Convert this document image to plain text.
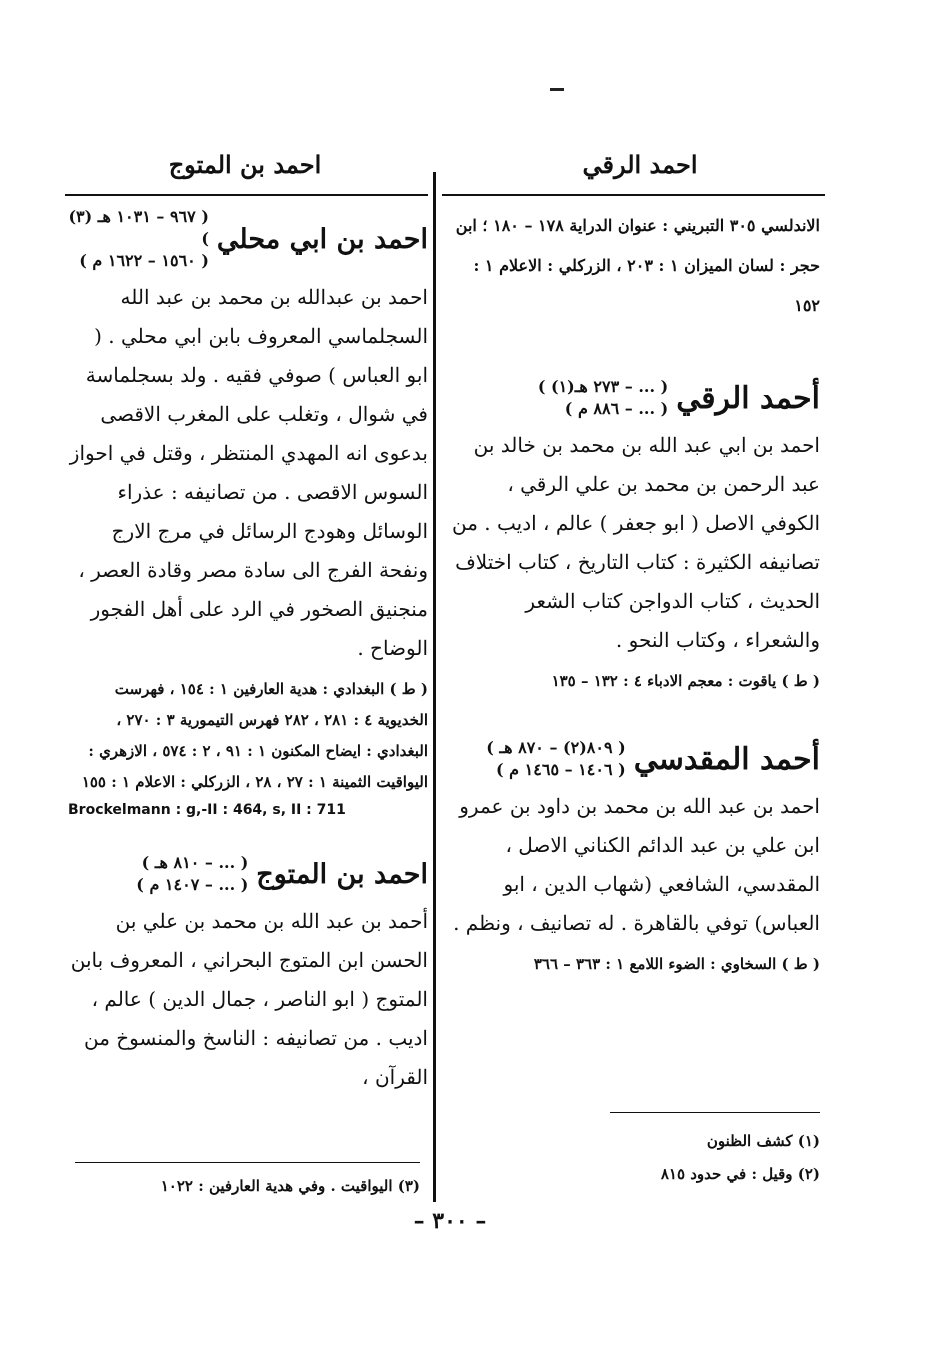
احمد بن المتوج	احمد الرقي

الاندلسي ٣٠٥ التبريني : عنوان الدراية ١٧٨ – ١٨٠ ؛ ابن حجر : لسان الميزان ١ : ٢٠٣ ، الزركلي : الاعلام ١ : ١٥٢

أحمد الرقي
( ... – ٢٧٣ هـ(١) )
( ... – ٨٨٦ م )

احمد بن ابي عبد الله بن محمد بن خالد بن عبد الرحمن بن محمد بن علي الرقي ، الكوفي الاصل ( ابو جعفر ) عالم ، اديب . من تصانيفه الكثيرة : كتاب التاريخ ، كتاب اختلاف الحديث ، كتاب الدواجن كتاب الشعر والشعراء ، وكتاب النحو .

( ط ) ياقوت : معجم الادباء ٤ : ١٣٢ – ١٣٥

أحمد المقدسي
( ٨٠٩(٢) – ٨٧٠ هـ )
( ١٤٠٦ – ١٤٦٥ م )

احمد بن عبد الله بن محمد بن داود بن عمرو ابن علي بن عبد الدائم الكناني الاصل ، المقدسي، الشافعي (شهاب الدين ، ابو العباس) توفي بالقاهرة . له تصانيف ، ونظم .

( ط ) السخاوي : الضوء اللامع ١ : ٣٦٣ – ٣٦٦

(١) كشف الظنون
(٢) وقيل : في حدود ٨١٥
احمد بن ابي محلي
( ٩٦٧ – ١٠٣١ هـ (٣) )
( ١٥٦٠ – ١٦٢٢ م )

احمد بن عبدالله بن محمد بن عبد الله السجلماسي المعروف بابن ابي محلي . ( ابو العباس ) صوفي فقيه . ولد بسجلماسة في شوال ، وتغلب على المغرب الاقصى بدعوى انه المهدي المنتظر ، وقتل في احواز السوس الاقصى . من تصانيفه : عذراء الوسائل وهودج الرسائل في مرج الارج ونفحة الفرج الى سادة مصر وقادة العصر ، منجنيق الصخور في الرد على أهل الفجور الوضاح .

( ط ) البغدادي : هدية العارفين ١ : ١٥٤ ، فهرست الخديوية ٤ : ٢٨١ ، ٢٨٢ فهرس التيمورية ٣ : ٢٧٠ ، البغدادي : ايضاح المكنون ١ : ٩١ ، ٢ : ٥٧٤ ، الازهري : اليواقيت الثمينة ١ : ٢٧ ، ٢٨ ، الزركلي : الاعلام ١ : ١٥٥

Brockelmann : g,-II : 464, s, II : 711
احمد بن المتوج
( ... – ٨١٠ هـ )
( ... – ١٤٠٧ م )

أحمد بن عبد الله بن محمد بن علي بن الحسن ابن المتوج البحراني ، المعروف بابن المتوج ( ابو الناصر ، جمال الدين ) عالم ، اديب . من تصانيفه : الناسخ والمنسوخ من القرآن ،

(٣) اليواقيت . وفي هدية العارفين : ١٠٢٢
– ٣٠٠ –
